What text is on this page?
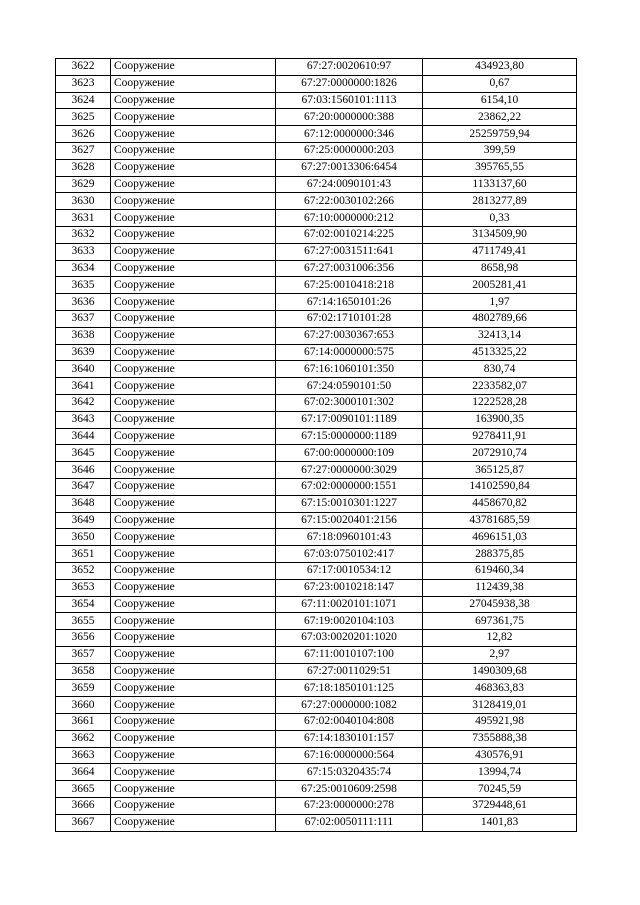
3622	Сооружение	67:27:0020610:97	434923,80
3623	Сооружение	67:27:0000000:1826	0,67
3624	Сооружение	67:03:1560101:1113	6154,10
3625	Сооружение	67:20:0000000:388	23862,22
3626	Сооружение	67:12:0000000:346	25259759,94
3627	Сооружение	67:25:0000000:203	399,59
3628	Сооружение	67:27:0013306:6454	395765,55
3629	Сооружение	67:24:0090101:43	1133137,60
3630	Сооружение	67:22:0030102:266	2813277,89
3631	Сооружение	67:10:0000000:212	0,33
3632	Сооружение	67:02:0010214:225	3134509,90
3633	Сооружение	67:27:0031511:641	4711749,41
3634	Сооружение	67:27:0031006:356	8658,98
3635	Сооружение	67:25:0010418:218	2005281,41
3636	Сооружение	67:14:1650101:26	1,97
3637	Сооружение	67:02:1710101:28	4802789,66
3638	Сооружение	67:27:0030367:653	32413,14
3639	Сооружение	67:14:0000000:575	4513325,22
3640	Сооружение	67:16:1060101:350	830,74
3641	Сооружение	67:24:0590101:50	2233582,07
3642	Сооружение	67:02:3000101:302	1222528,28
3643	Сооружение	67:17:0090101:1189	163900,35
3644	Сооружение	67:15:0000000:1189	9278411,91
3645	Сооружение	67:00:0000000:109	2072910,74
3646	Сооружение	67:27:0000000:3029	365125,87
3647	Сооружение	67:02:0000000:1551	14102590,84
3648	Сооружение	67:15:0010301:1227	4458670,82
3649	Сооружение	67:15:0020401:2156	43781685,59
3650	Сооружение	67:18:0960101:43	4696151,03
3651	Сооружение	67:03:0750102:417	288375,85
3652	Сооружение	67:17:0010534:12	619460,34
3653	Сооружение	67:23:0010218:147	112439,38
3654	Сооружение	67:11:0020101:1071	27045938,38
3655	Сооружение	67:19:0020104:103	697361,75
3656	Сооружение	67:03:0020201:1020	12,82
3657	Сооружение	67:11:0010107:100	2,97
3658	Сооружение	67:27:0011029:51	1490309,68
3659	Сооружение	67:18:1850101:125	468363,83
3660	Сооружение	67:27:0000000:1082	3128419,01
3661	Сооружение	67:02:0040104:808	495921,98
3662	Сооружение	67:14:1830101:157	7355888,38
3663	Сооружение	67:16:0000000:564	430576,91
3664	Сооружение	67:15:0320435:74	13994,74
3665	Сооружение	67:25:0010609:2598	70245,59
3666	Сооружение	67:23:0000000:278	3729448,61
3667	Сооружение	67:02:0050111:111	1401,83
